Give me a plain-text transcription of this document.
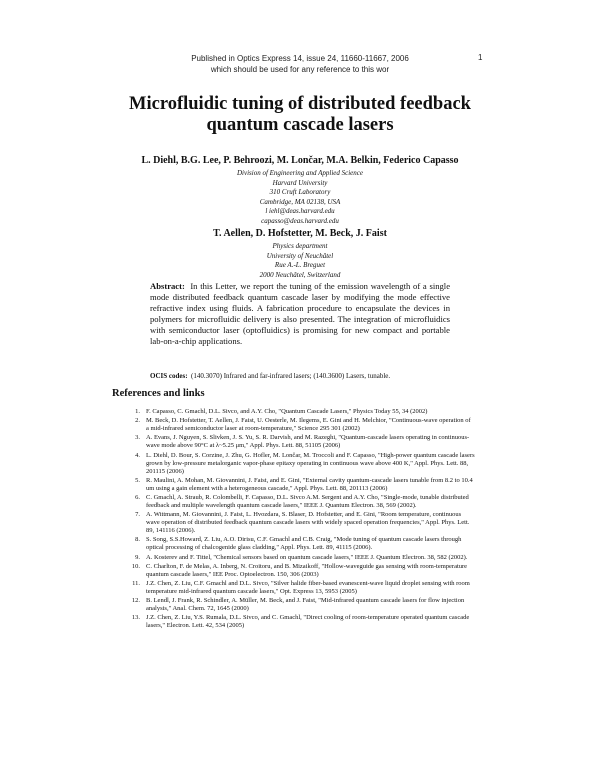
Published in Optics Express 14, issue 24, 11660-11667, 2006
which should be used for any reference to this wor
1
Microfluidic tuning of distributed feedback
quantum cascade lasers
L. Diehl, B.G. Lee, P. Behroozi, M. Lončar, M.A. Belkin, Federico Capasso
Division of Engineering and Applied Science
Harvard University
310 Cruft Laboratory
Cambridge, MA 02138, USA
l iehl@deas.harvard.edu
capasso@deas.harvard.edu
T. Aellen, D. Hofstetter, M. Beck, J. Faist
Physics department
University of Neuchâtel
Rue A.-L. Breguet
2000 Neuchâtel, Switzerland
Abstract: In this Letter, we report the tuning of the emission wavelength of a single mode distributed feedback quantum cascade laser by modifying the mode effective refractive index using fluids. A fabrication procedure to encapsulate the devices in polymers for microfluidic delivery is also presented. The integration of microfluidics with semiconductor laser (optofluidics) is promising for new compact and portable lab-on-a-chip applications.
OCIS codes: (140.3070) Infrared and far-infrared lasers; (140.3600) Lasers, tunable.
References and links
1. F. Capasso, C. Gmachl, D.L. Sivco, and A.Y. Cho, "Quantum Cascade Lasers," Physics Today 55, 34 (2002)
2. M. Beck, D. Hofstetter, T. Aellen, J. Faist, U. Oesterle, M. Ilegems, E. Gini and H. Melchior, "Continuous-wave operation of a mid-infrared semiconductor laser at room-temperature," Science 295 301 (2002)
3. A. Evans, J. Nguyen, S. Slivken, J. S. Yu, S. R. Darvish, and M. Razeghi, "Quantum-cascade lasers operating in continuous-wave mode above 90°C at λ~5.25 μm," Appl. Phys. Lett. 88, 51105 (2006)
4. L. Diehl, D. Bour, S. Corzine, J. Zhu, G. Hofler, M. Lončar, M. Troccoli and F. Capasso, "High-power quantum cascade lasers grown by low-pressure metalorganic vapor-phase epitaxy operating in continuous wave above 400 K," Appl. Phys. Lett. 88, 201115 (2006)
5. R. Maulini, A. Mohan, M. Giovannini, J. Faist, and E. Gini, "External cavity quantum-cascade lasers tunable from 8.2 to 10.4 um using a gain element with a heterogeneous cascade," Appl. Phys. Lett. 88, 201113 (2006)
6. C. Gmachl, A. Straub, R. Colombelli, F. Capasso, D.L. Sivco A.M. Sergent and A.Y. Cho, "Single-mode, tunable distributed feedback and multiple wavelength quantum cascade lasers," IEEE J. Quantum Electron. 38, 569 (2002).
7. A. Wittmann, M. Giovannini, J. Faist, L. Hvozdara, S. Blaser, D. Hofstetter, and E. Gini, "Room temperature, continuous wave operation of distributed feedback quantum cascade lasers with widely spaced operation frequencies," Appl. Phys. Lett. 89, 141116 (2006).
8. S. Song, S.S.Howard, Z. Liu, A.O. Dirisu, C.F. Gmachl and C.B. Craig, "Mode tuning of quantum cascade lasers through optical processing of chalcogenide glass cladding," Appl. Phys. Lett. 89, 41115 (2006).
9. A. Kosterev and F. Tittel, "Chemical sensors based on quantum cascade lasers," IEEE J. Quantum Electron. 38, 582 (2002).
10. C. Charlton, F. de Melas, A. Inberg, N. Croitoru, and B. Mizaikoff, "Hollow-waveguide gas sensing with room-temperature quantum cascade lasers," IEE Proc. Optoelectron. 150, 306 (2003)
11. J.Z. Chen, Z. Liu, C.F. Gmachl and D.L. Sivco, "Silver halide fiber-based evanescent-wave liquid droplet sensing with room temperature mid-infrared quantum cascade lasers," Opt. Express 13, 5953 (2005)
12. B. Lendl, J. Frank, R. Schindler, A. Müller, M. Beck, and J. Faist, "Mid-infrared quantum cascade lasers for flow injection analysis," Anal. Chem. 72, 1645 (2000)
13. J.Z. Chen, Z. Liu, Y.S. Rumala, D.L. Sivco, and C. Gmachl, "Direct cooling of room-temperature operated quantum cascade lasers," Electron. Lett. 42, 534 (2005)
